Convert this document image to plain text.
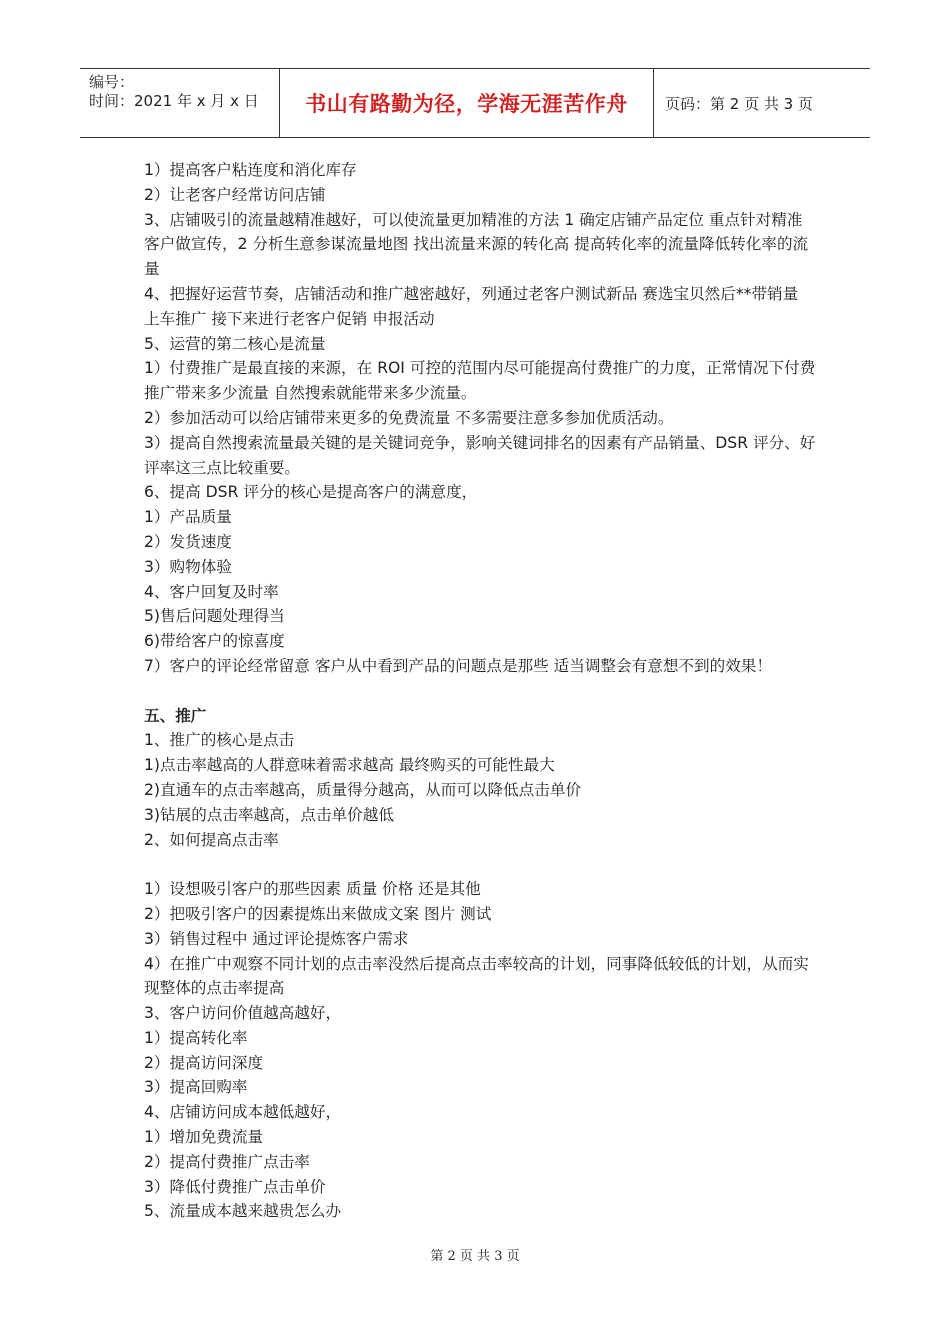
编号：
时间：2021 年 x 月 x 日	书山有路勤为径，学海无涯苦作舟	页码：第 2 页 共 3 页

1）提高客户粘连度和消化库存

2）让老客户经常访问店铺

3、店铺吸引的流量越精准越好，可以使流量更加精准的方法 1 确定店铺产品定位 重点针对精准客户做宣传，2 分析生意参谋流量地图 找出流量来源的转化高 提高转化率的流量降低转化率的流量

4、把握好运营节奏，店铺活动和推广越密越好，列通过老客户测试新品 赛选宝贝然后**带销量 上车推广 接下来进行老客户促销 申报活动

5、运营的第二核心是流量

1）付费推广是最直接的来源，在 ROI 可控的范围内尽可能提高付费推广的力度，正常情况下付费推广带来多少流量 自然搜索就能带来多少流量。

2）参加活动可以给店铺带来更多的免费流量 不多需要注意多参加优质活动。

3）提高自然搜索流量最关键的是关键词竞争，影响关键词排名的因素有产品销量、DSR 评分、好评率这三点比较重要。

6、提高 DSR 评分的核心是提高客户的满意度，

1）产品质量

2）发货速度

3）购物体验

4、客户回复及时率

5)售后问题处理得当

6)带给客户的惊喜度

7）客户的评论经常留意 客户从中看到产品的问题点是那些 适当调整会有意想不到的效果！

五、推广

1、推广的核心是点击

1)点击率越高的人群意味着需求越高 最终购买的可能性最大

2)直通车的点击率越高，质量得分越高，从而可以降低点击单价

3)钻展的点击率越高，点击单价越低

2、如何提高点击率

1）设想吸引客户的那些因素 质量 价格 还是其他

2）把吸引客户的因素提炼出来做成文案 图片 测试

3）销售过程中 通过评论提炼客户需求

4）在推广中观察不同计划的点击率没然后提高点击率较高的计划，同事降低较低的计划，从而实现整体的点击率提高

3、客户访问价值越高越好，

1）提高转化率

2）提高访问深度

3）提高回购率

4、店铺访问成本越低越好，

1）增加免费流量

2）提高付费推广点击率

3）降低付费推广点击单价

5、流量成本越来越贵怎么办

第 2 页 共 3 页
